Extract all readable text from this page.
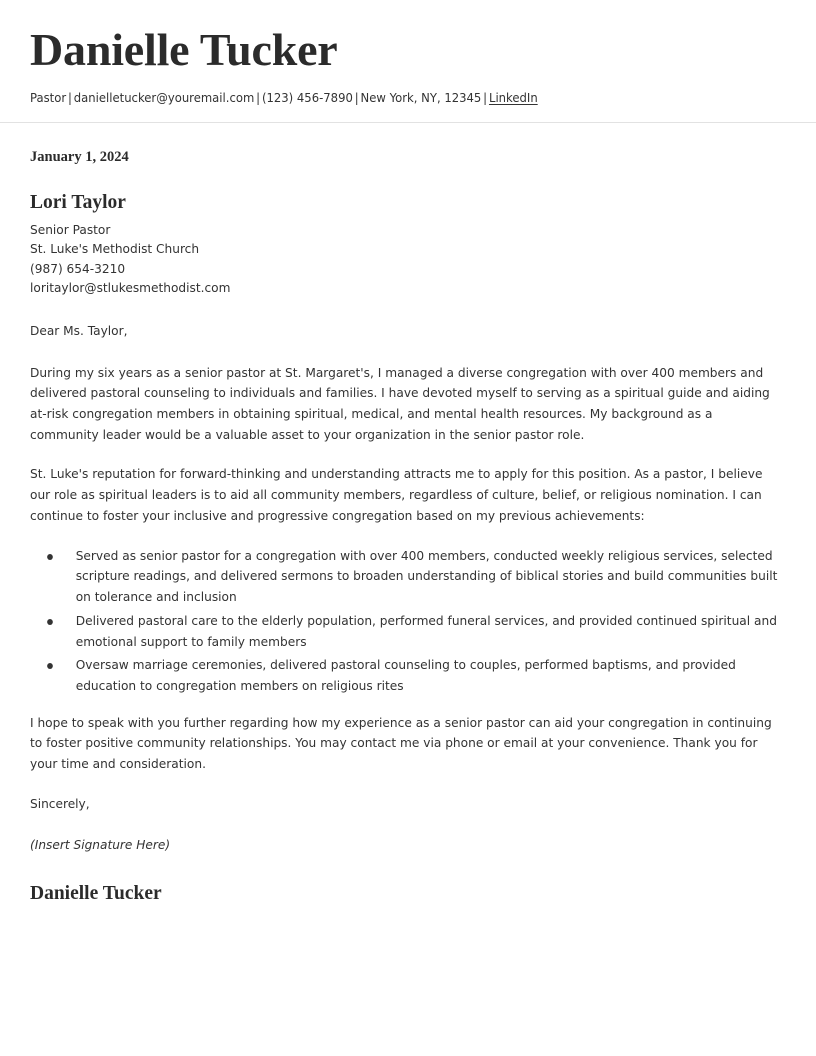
Danielle Tucker
Pastor | danielletucker@youremail.com | (123) 456-7890 | New York, NY, 12345 | LinkedIn
January 1, 2024
Lori Taylor
Senior Pastor
St. Luke's Methodist Church
(987) 654-3210
loritaylor@stlukesmethodist.com
Dear Ms. Taylor,

During my six years as a senior pastor at St. Margaret's, I managed a diverse congregation with over 400 members and delivered pastoral counseling to individuals and families. I have devoted myself to serving as a spiritual guide and aiding at-risk congregation members in obtaining spiritual, medical, and mental health resources. My background as a community leader would be a valuable asset to your organization in the senior pastor role.

St. Luke's reputation for forward-thinking and understanding attracts me to apply for this position. As a pastor, I believe our role as spiritual leaders is to aid all community members, regardless of culture, belief, or religious nomination. I can continue to foster your inclusive and progressive congregation based on my previous achievements:

Served as senior pastor for a congregation with over 400 members, conducted weekly religious services, selected scripture readings, and delivered sermons to broaden understanding of biblical stories and build communities built on tolerance and inclusion
Delivered pastoral care to the elderly population, performed funeral services, and provided continued spiritual and emotional support to family members
Oversaw marriage ceremonies, delivered pastoral counseling to couples, performed baptisms, and provided education to congregation members on religious rites

I hope to speak with you further regarding how my experience as a senior pastor can aid your congregation in continuing to foster positive community relationships. You may contact me via phone or email at your convenience. Thank you for your time and consideration.

Sincerely,
(Insert Signature Here)
Danielle Tucker
